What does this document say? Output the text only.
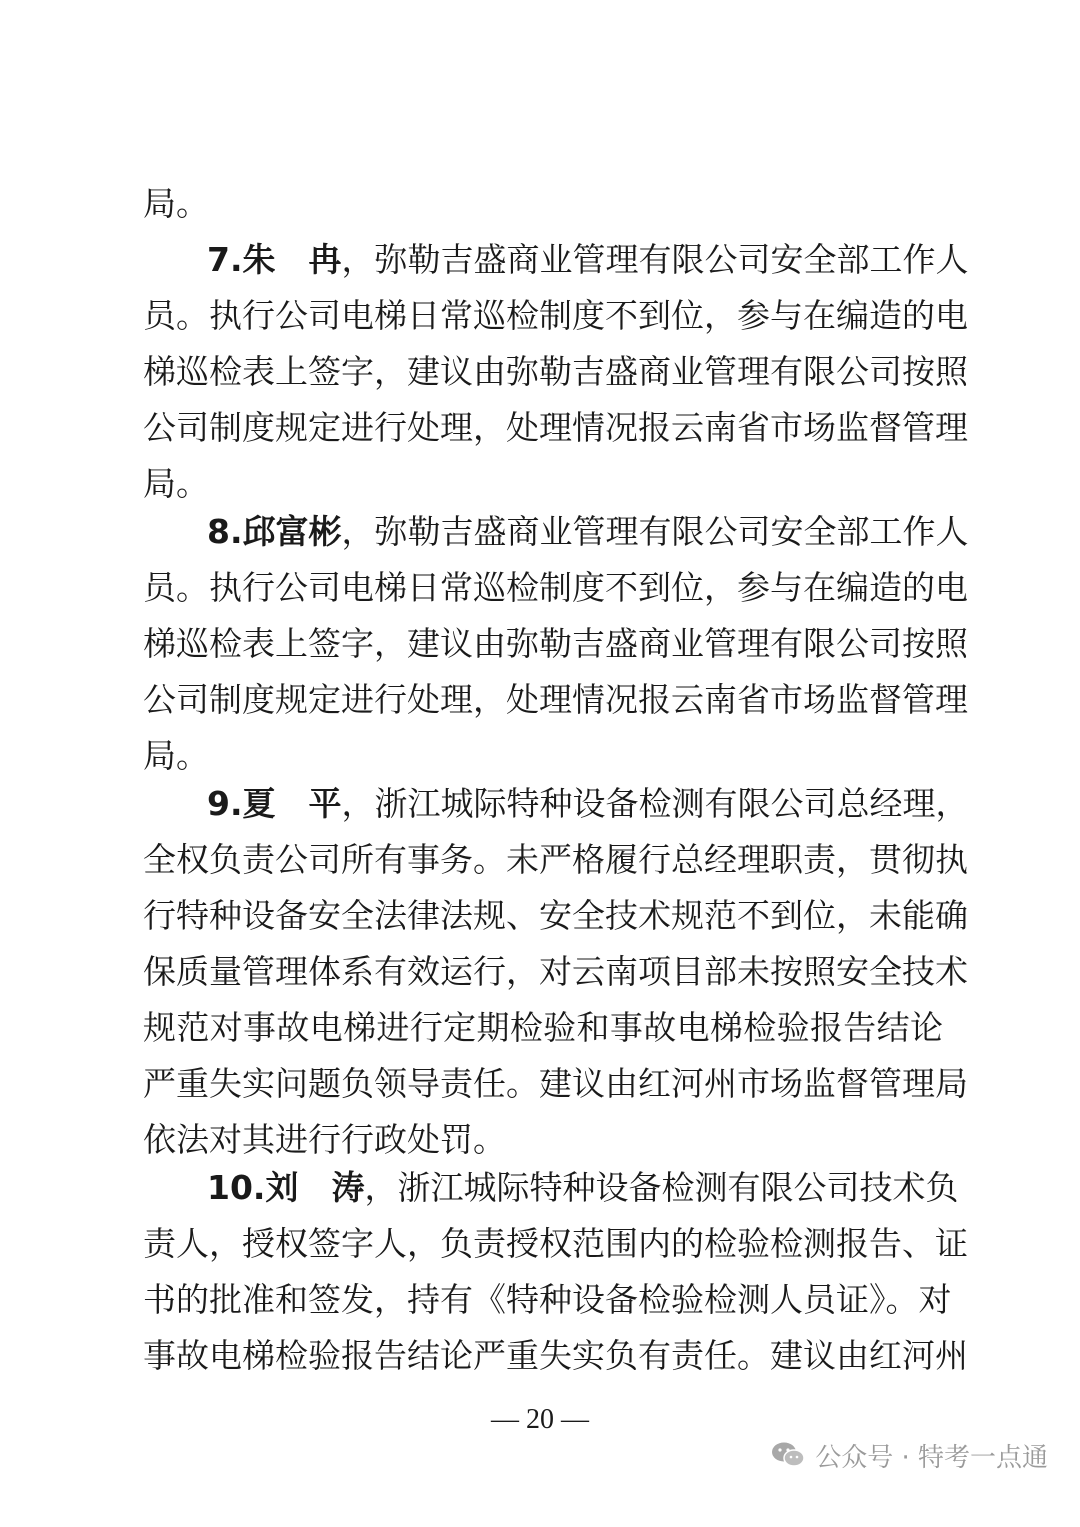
局。
7.朱　冉，弥勒吉盛商业管理有限公司安全部工作人
员。执行公司电梯日常巡检制度不到位，参与在编造的电
梯巡检表上签字，建议由弥勒吉盛商业管理有限公司按照
公司制度规定进行处理，处理情况报云南省市场监督管理
局。
8.邱富彬，弥勒吉盛商业管理有限公司安全部工作人
员。执行公司电梯日常巡检制度不到位，参与在编造的电
梯巡检表上签字，建议由弥勒吉盛商业管理有限公司按照
公司制度规定进行处理，处理情况报云南省市场监督管理
局。
9.夏　平，浙江城际特种设备检测有限公司总经理，
全权负责公司所有事务。未严格履行总经理职责，贯彻执
行特种设备安全法律法规、安全技术规范不到位，未能确
保质量管理体系有效运行，对云南项目部未按照安全技术
规范对事故电梯进行定期检验和事故电梯检验报告结论
严重失实问题负领导责任。建议由红河州市场监督管理局
依法对其进行行政处罚。
10.刘　涛，浙江城际特种设备检测有限公司技术负
责人，授权签字人，负责授权范围内的检验检测报告、证
书的批准和签发，持有《特种设备检验检测人员证》。对
事故电梯检验报告结论严重失实负有责任。建议由红河州
— 20 —
公众号 · 特考一点通
